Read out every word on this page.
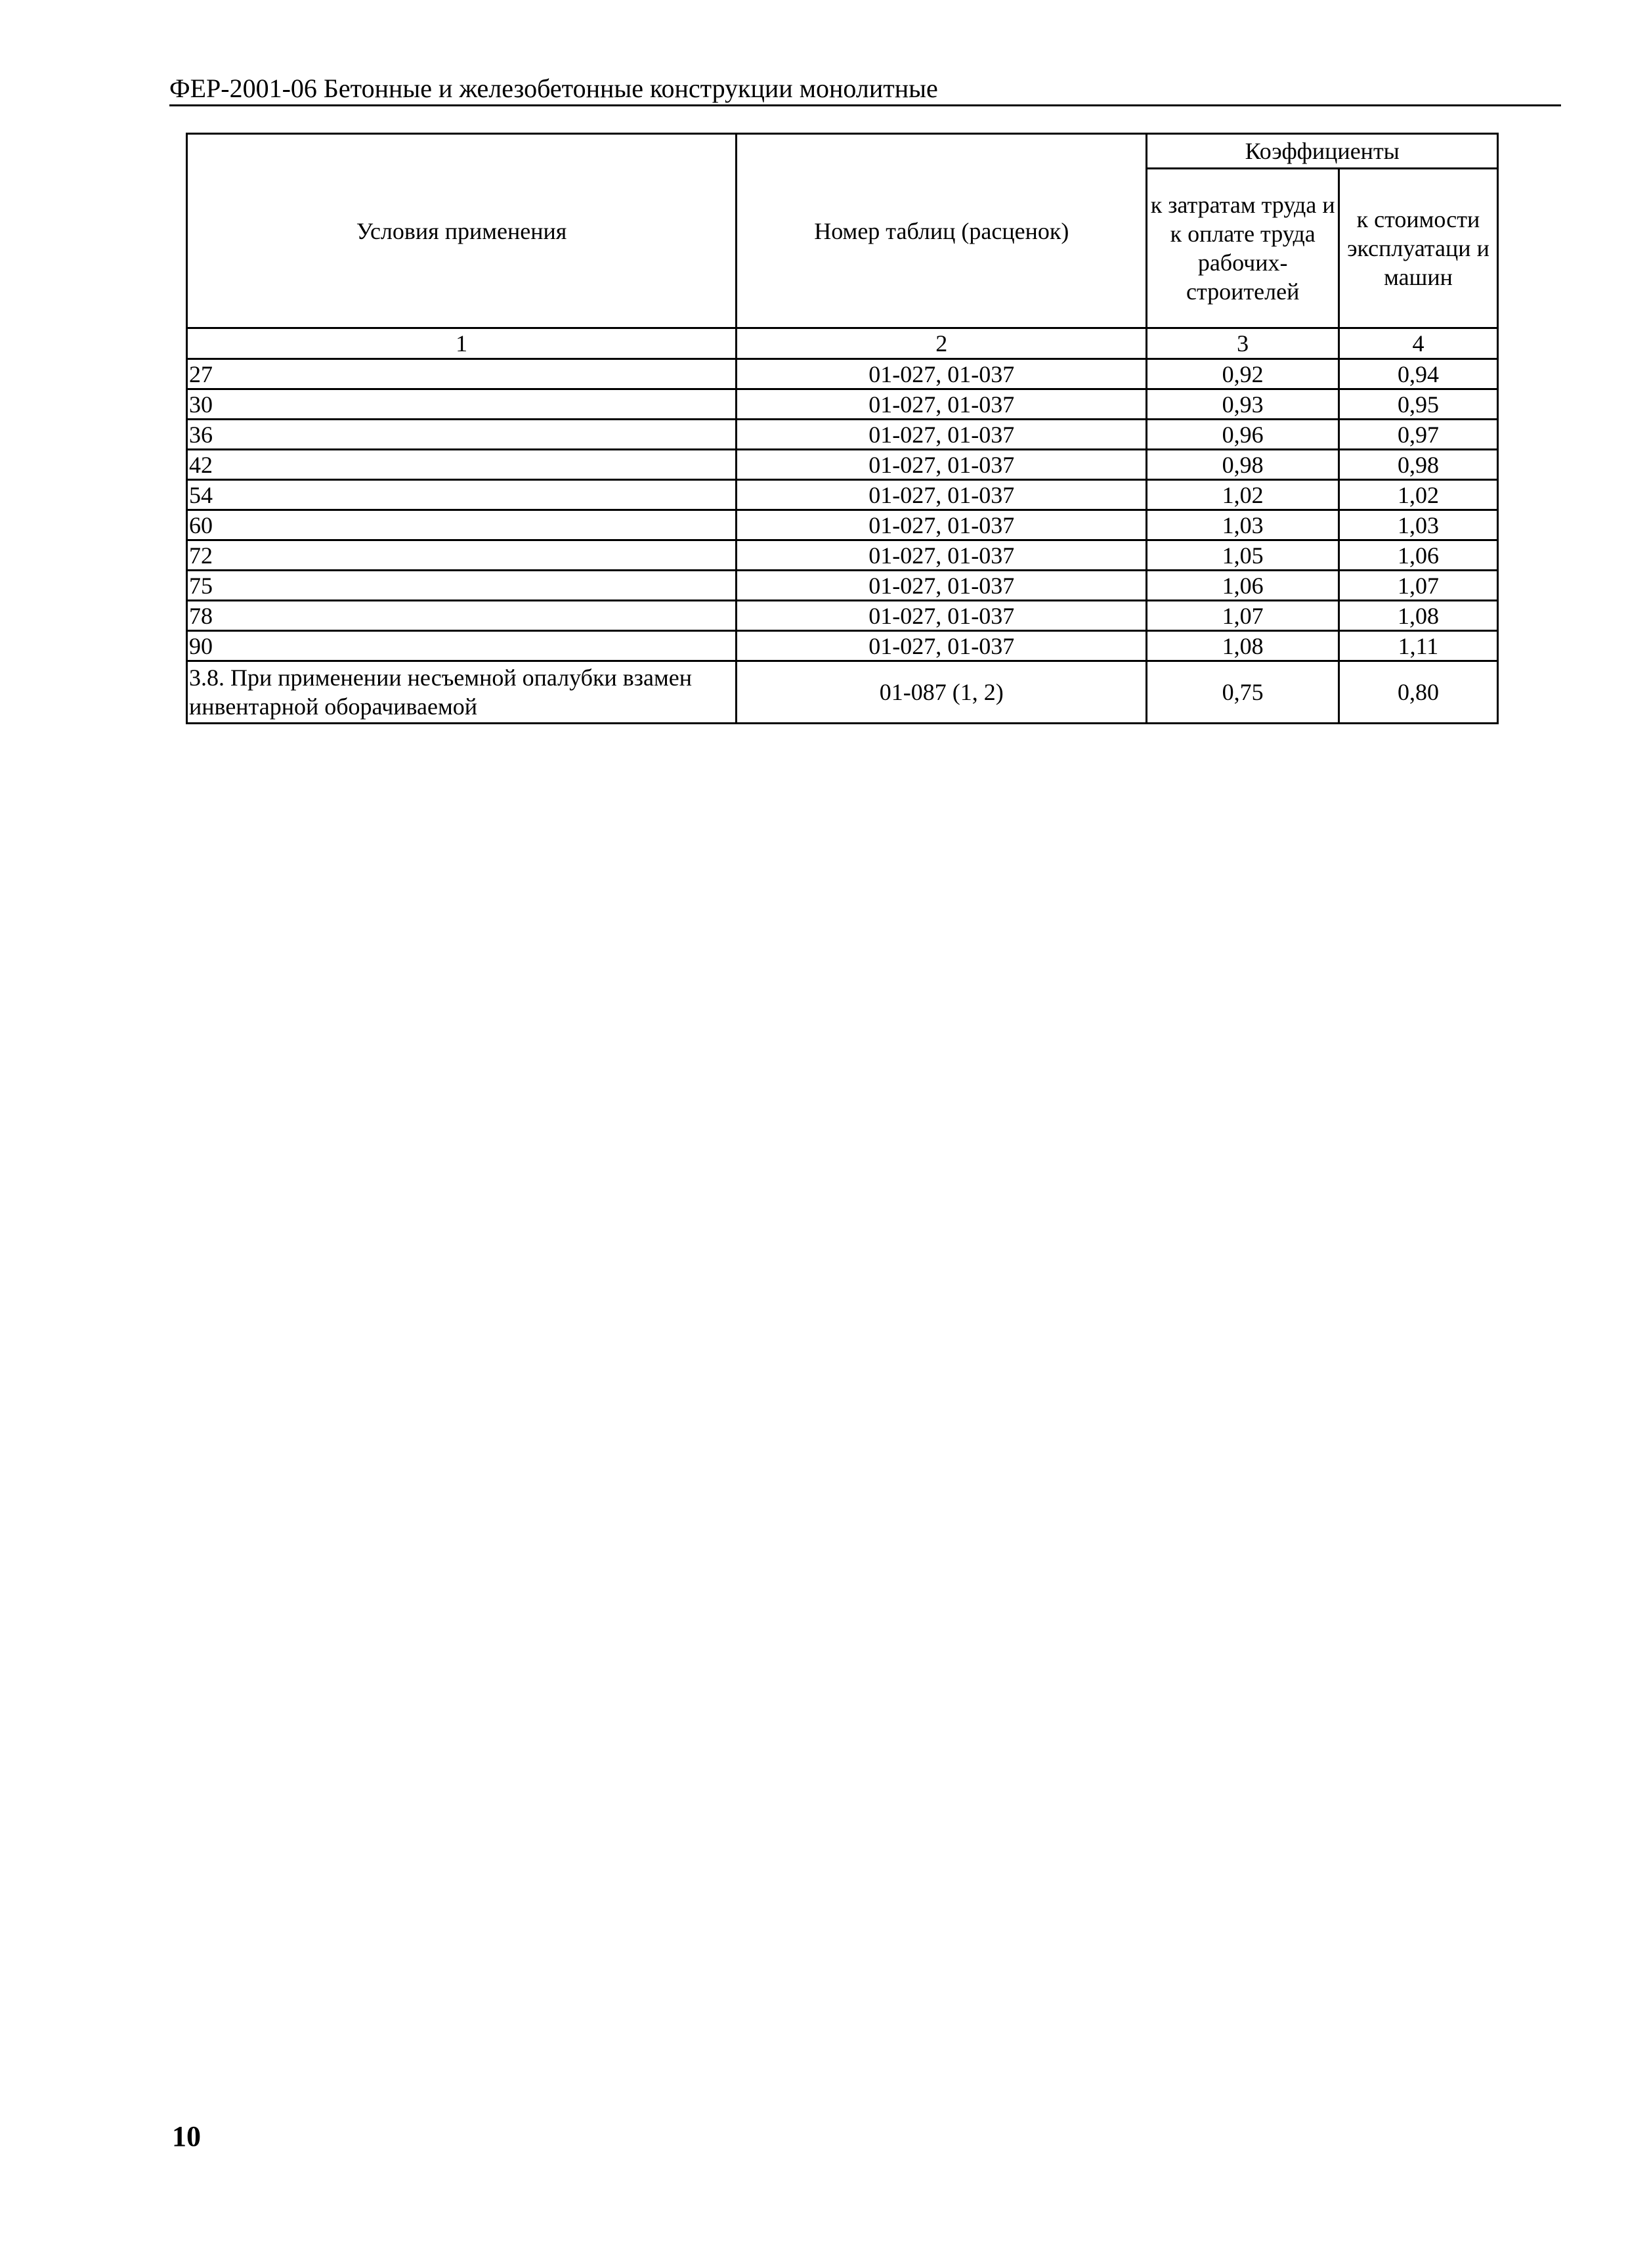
ФЕР-2001-06 Бетонные и железобетонные конструкции монолитные
Условия применения	Номер таблиц (расценок)	Коэффициенты	
		к затратам труда и к оплате труда рабочих-строителей	к стоимости эксплуатаци и машин
1	2	3	4
27	01-027, 01-037	0,92	0,94
30	01-027, 01-037	0,93	0,95
36	01-027, 01-037	0,96	0,97
42	01-027, 01-037	0,98	0,98
54	01-027, 01-037	1,02	1,02
60	01-027, 01-037	1,03	1,03
72	01-027, 01-037	1,05	1,06
75	01-027, 01-037	1,06	1,07
78	01-027, 01-037	1,07	1,08
90	01-027, 01-037	1,08	1,11
3.8. При применении несъемной опалубки взамен инвентарной оборачиваемой	01-087 (1, 2)	0,75	0,80
10
